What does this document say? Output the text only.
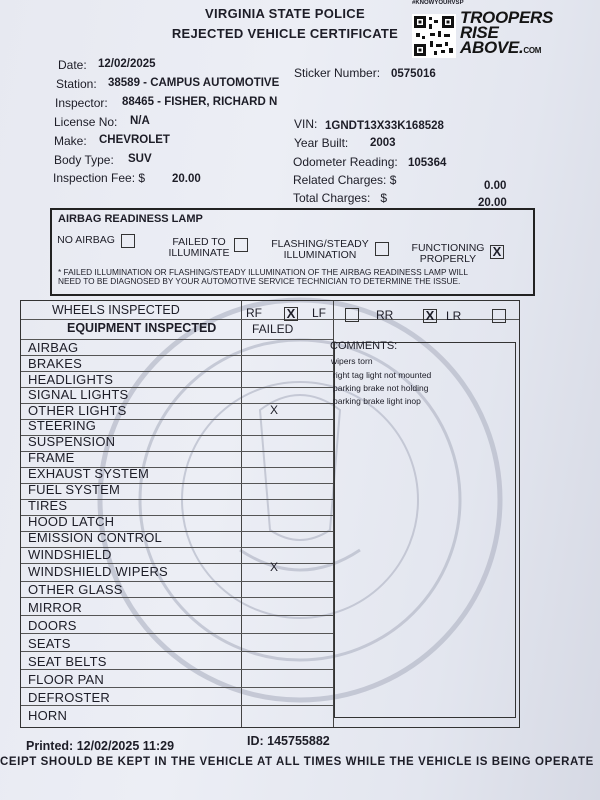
VIRGINIA STATE POLICE
REJECTED VEHICLE CERTIFICATE
#KNOWYOURVSP
TROOPERS
RISE
ABOVE.COM
Date: 12/02/2025
Station: 38589 - CAMPUS AUTOMOTIVE
Inspector: 88465 - FISHER, RICHARD N
License No: N/A
Make: CHEVROLET
Body Type: SUV
Inspection Fee: $ 20.00
Sticker Number: 0575016
VIN: 1GNDT13X33K168528
Year Built: 2003
Odometer Reading: 105364
Related Charges: $	0.00
Total Charges:   $	20.00
AIRBAG READINESS LAMP
NO AIRBAG	FAILED TO
ILLUMINATE
FLASHING/STEADY
ILLUMINATION
FUNCTIONING
PROPERLY	X
* FAILED ILLUMINATION OR FLASHING/STEADY ILLUMINATION OF THE AIRBAG READINESS LAMP WILL
NEED TO BE DIAGNOSED BY YOUR AUTOMOTIVE SERVICE TECHNICIAN TO DETERMINE THE ISSUE.
WHEELS INSPECTED	RF X LF	RR X LR
EQUIPMENT INSPECTED	FAILED
AIRBAG
BRAKES
HEADLIGHTS
SIGNAL LIGHTS
OTHER LIGHTS	X
STEERING
SUSPENSION
FRAME
EXHAUST SYSTEM
FUEL SYSTEM
TIRES
HOOD LATCH
EMISSION CONTROL
WINDSHIELD
WINDSHIELD WIPERS	X
OTHER GLASS
MIRROR
DOORS
SEATS
SEAT BELTS
FLOOR PAN
DEFROSTER
HORN
COMMENTS:
wipers torn
right tag light not mounted
parking brake not holding
parking brake light inop
Printed: 12/02/2025 11:29	ID: 145755882
CEIPT SHOULD BE KEPT IN THE VEHICLE AT ALL TIMES WHILE THE VEHICLE IS BEING OPERATE
